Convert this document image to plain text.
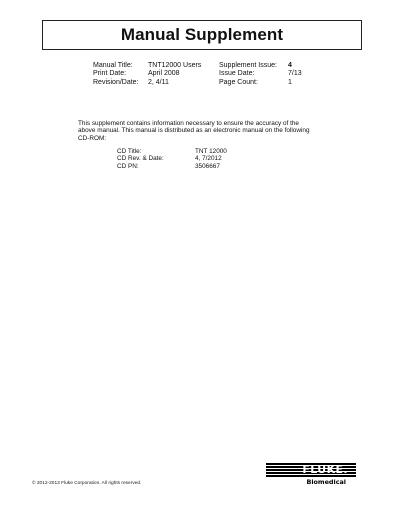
Manual Supplement
Manual Title:	TNT12000 Users	Supplement Issue:	4
Print Date:	April 2008	Issue Date:	7/13
Revision/Date:	2, 4/11	Page Count:	1

This supplement contains information necessary to ensure the accuracy of the above manual. This manual is distributed as an electronic manual on the following CD-ROM:

CD Title:	TNT 12000
CD Rev. & Date:	4, 7/2012
CD PN:	3506667
© 2012-2013 Fluke Corporation. All rights reserved.
FLUKE.
Biomedical
